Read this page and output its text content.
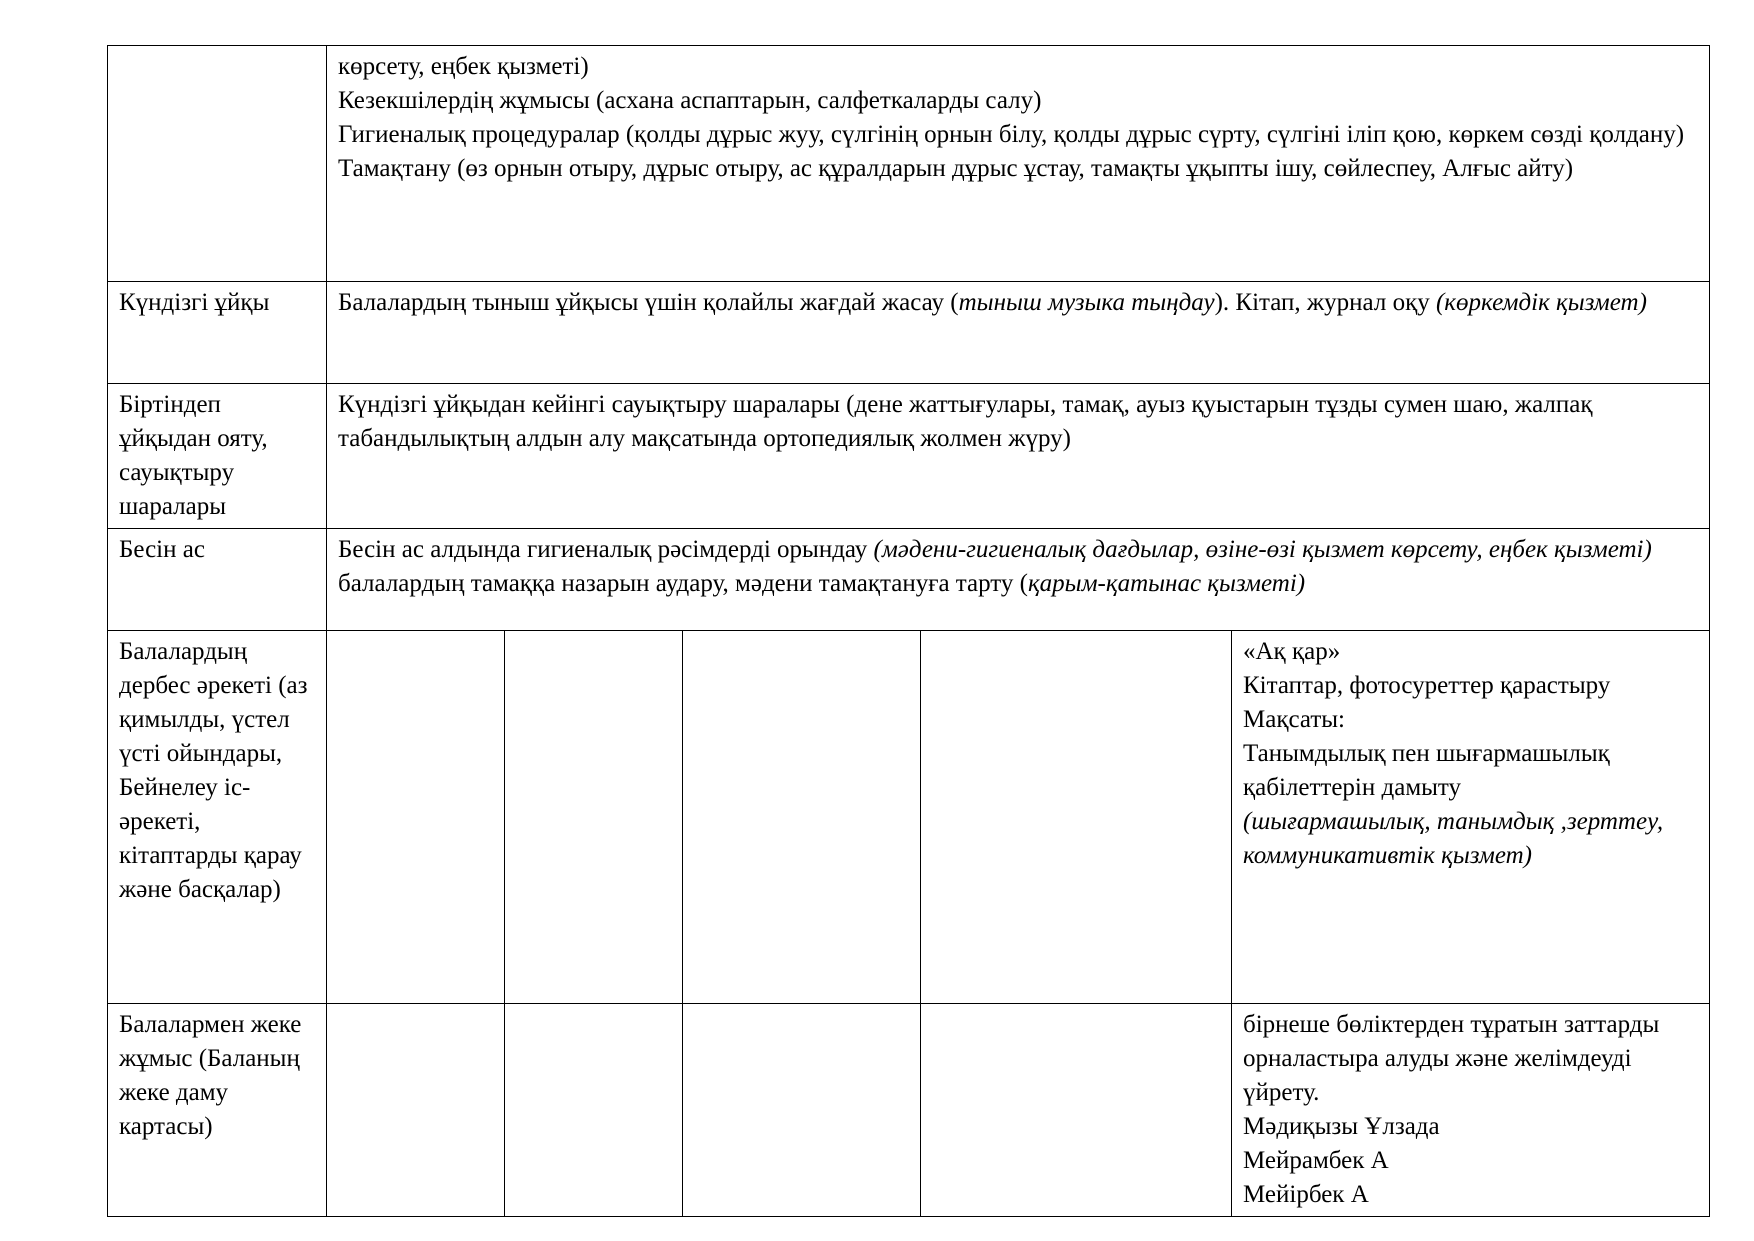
	көрсету, еңбек қызметі)
Кезекшілердің жұмысы (асхана аспаптарын, салфеткаларды салу)
Гигиеналық процедуралар (қолды дұрыс жуу, сүлгінің орнын білу, қолды дұрыс сүрту, сүлгіні іліп қою, көркем сөзді қолдану)
Тамақтану (өз орнын отыру, дұрыс отыру, ас құралдарын дұрыс ұстау, тамақты ұқыпты ішу, сөйлеспеу, Алғыс айту)				

Күндізгі ұйқы	Балалардың тыныш ұйқысы үшін қолайлы жағдай жасау (тыныш музыка тыңдау). Кітап, журнал оқу (көркемдік қызмет)				
Біртіндеп ұйқыдан ояту, сауықтыру шаралары	Күндізгі ұйқыдан кейінгі сауықтыру шаралары (дене жаттығулары, тамақ, ауыз қуыстарын тұзды сумен шаю, жалпақ табандылықтың алдын алу мақсатында ортопедиялық жолмен жүру)				
Бесін ас	Бесін ас алдында гигиеналық рәсімдерді орындау (мәдени-гигиеналық дағдылар, өзіне-өзі қызмет көрсету, еңбек қызметі) балалардың тамаққа назарын аудару, мәдени тамақтануға тарту (қарым-қатынас қызметі)				
Балалардың дербес әрекеті (аз қимылды, үстел үсті ойындары, Бейнелеу іс-әрекеті, кітаптарды қарау және басқалар)					«Ақ қар»
Кітаптар, фотосуреттер қарастыру
Мақсаты:
Танымдылық пен шығармашылық қабілеттерін дамыту
(шығармашылық, танымдық ,зерттеу, коммуникативтік қызмет)

Балалармен жеке жұмыс (Баланың жеке даму картасы)					бірнеше бөліктерден тұратын заттарды орналастыра алуды және желімдеуді үйрету.
Мәдиқызы Ұлзада
Мейрамбек А
Мейірбек А
